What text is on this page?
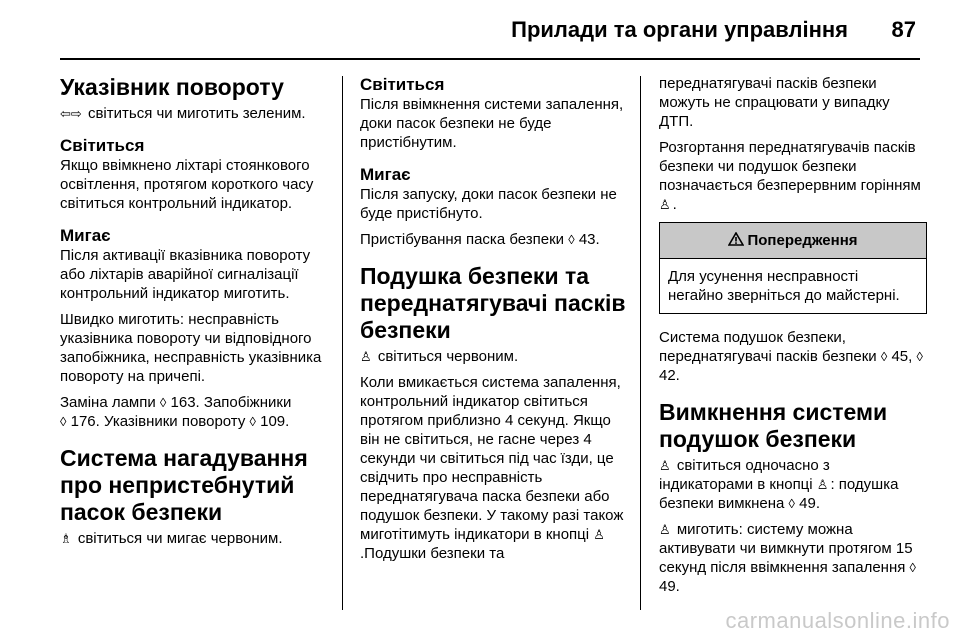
Прилади та органи управління 87
Указівник повороту

⇦⇨ світиться чи миготить зеленим.

Світиться

Якщо ввімкнено ліхтарі стоянкового освітлення, протягом короткого часу світиться контрольний індикатор.

Мигає

Після активації вказівника повороту або ліхтарів аварійної сигналізації контрольний індикатор миготить.

Швидко миготить: несправність указівника повороту чи відповідного запобіжника, несправність указівника повороту на причепі.

Заміна лампи ◊ 163. Запобіжники
◊ 176. Указівники повороту ◊ 109.

Система нагадування про непристебнутий пасок безпеки

♗ світиться чи мигає червоним.

Світиться

Після ввімкнення системи запалення, доки пасок безпеки не буде пристібнутим.

Мигає

Після запуску, доки пасок безпеки не буде пристібнуто.

Пристібування паска безпеки ◊ 43.

Подушка безпеки та переднатягувачі пасків безпеки

♙ світиться червоним.

Коли вмикається система запалення, контрольний індикатор світиться протягом приблизно 4 секунд. Якщо він не світиться, не гасне через 4 секунди чи світиться під час їзди, це свідчить про несправність переднатягувача паска безпеки або подушок безпеки. У такому разі також миготітимуть індикатори в кнопці ♙.Подушки безпеки та

переднатягувачі пасків безпеки можуть не спрацювати у випадку ДТП.

Розгортання переднатягувачів пасків безпеки чи подушок безпеки позначається безперервним горінням ♙ .

Попередження
Для усунення несправності негайно зверніться до майстерні.

Система подушок безпеки, переднатягувачі пасків безпеки ◊ 45, ◊ 42.

Вимкнення системи подушок безпеки

♙ світиться одночасно з індикаторами в кнопці ♙ : подушка безпеки вимкнена ◊ 49.

♙ миготить: систему можна активувати чи вимкнути протягом 15 секунд після ввімкнення запалення ◊ 49.

carmanualsonline.info
